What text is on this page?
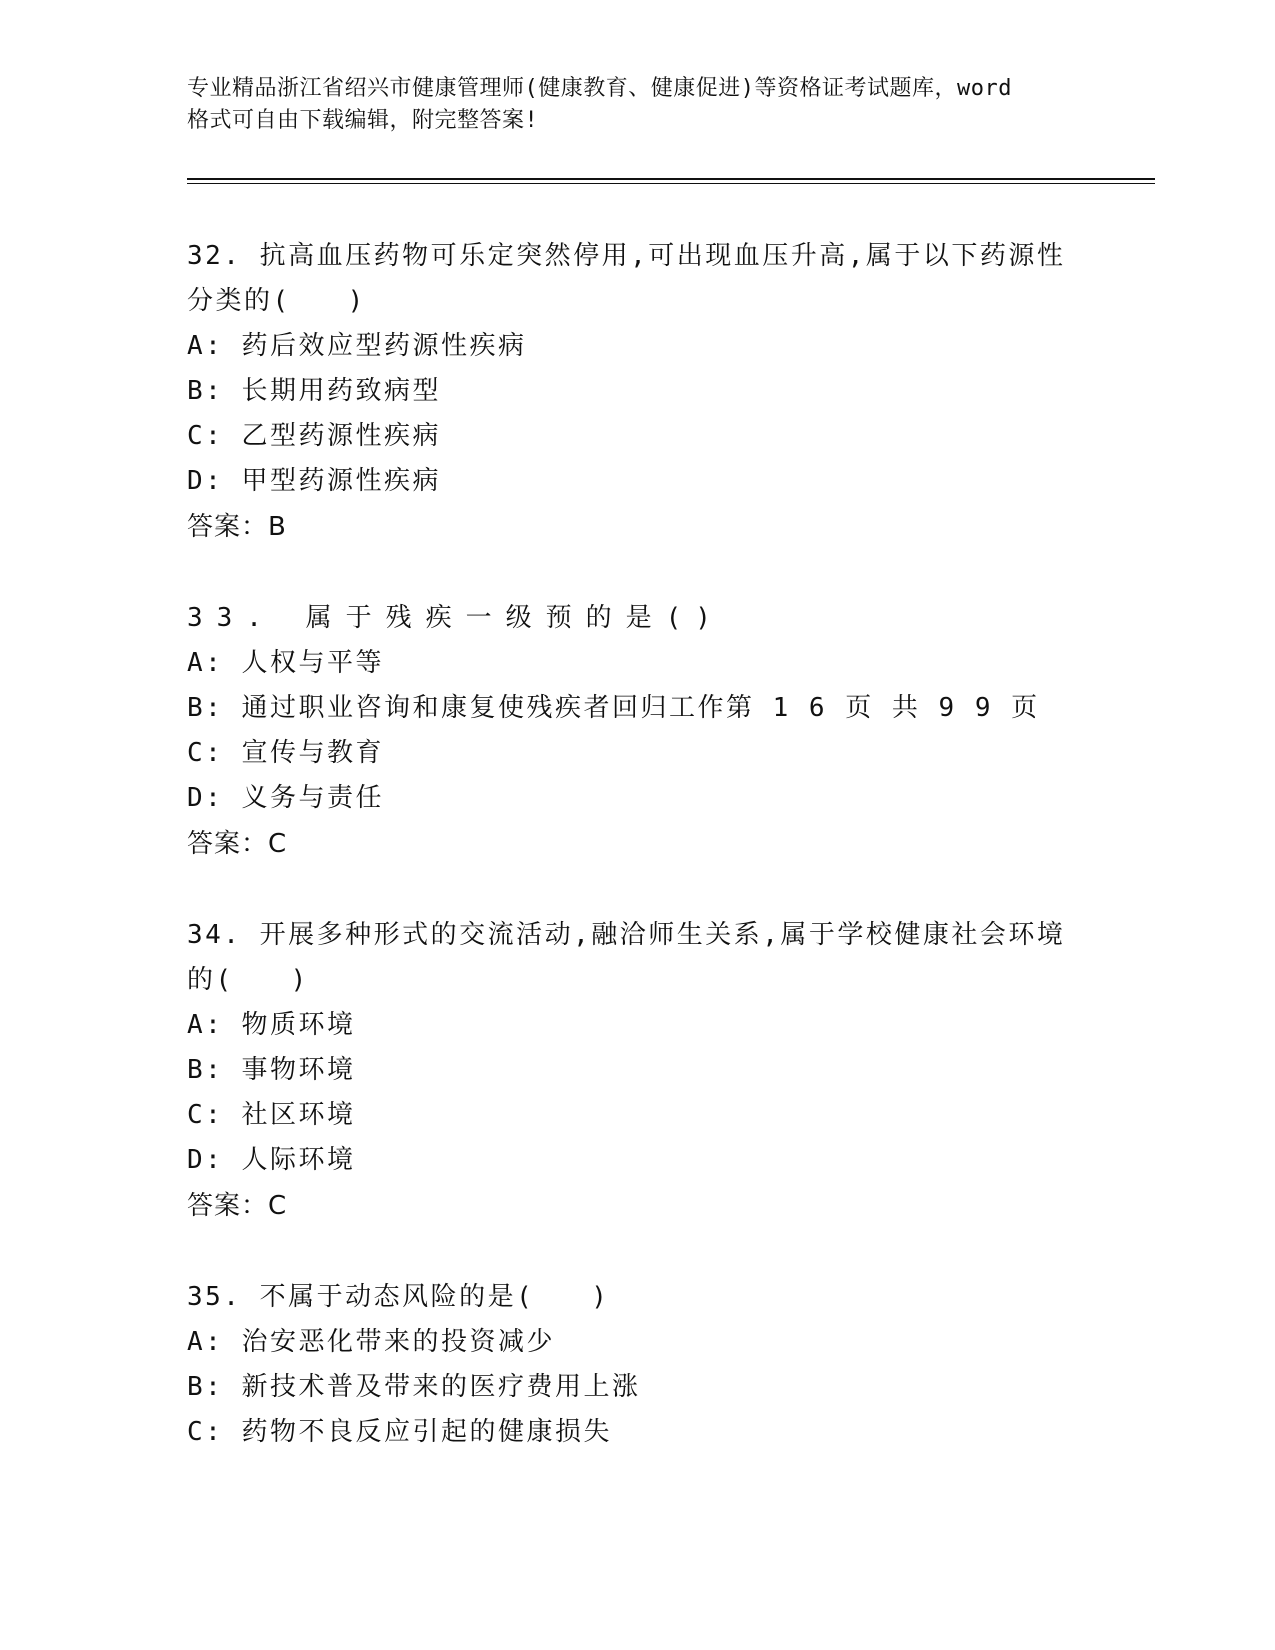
专业精品浙江省绍兴市健康管理师(健康教育、健康促进)等资格证考试题库，word
格式可自由下载编辑，附完整答案!
32. 抗高血压药物可乐定突然停用,可出现血压升高,属于以下药源性
分类的(　　)
A: 药后效应型药源性疾病
B: 长期用药致病型
C: 乙型药源性疾病
D: 甲型药源性疾病
答案：B
33. 属于残疾一级预的是()
A: 人权与平等
B: 通过职业咨询和康复使残疾者回归工作第 1 6 页 共 9 9 页
C: 宣传与教育
D: 义务与责任
答案：C
34. 开展多种形式的交流活动,融洽师生关系,属于学校健康社会环境
的(　　)
A: 物质环境
B: 事物环境
C: 社区环境
D: 人际环境
答案：C
35. 不属于动态风险的是(　　)
A: 治安恶化带来的投资减少
B: 新技术普及带来的医疗费用上涨
C: 药物不良反应引起的健康损失
